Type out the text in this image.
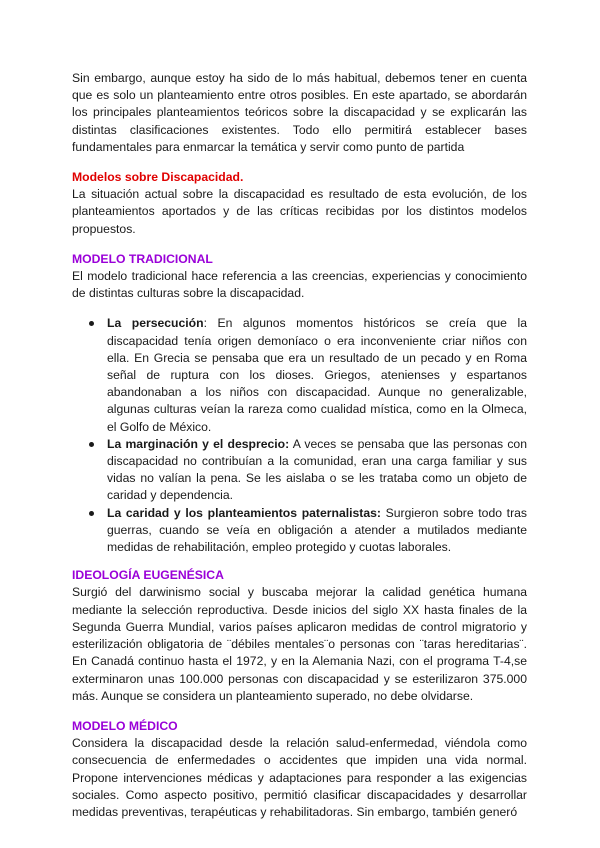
Sin embargo, aunque estoy ha sido de lo más habitual, debemos tener en cuenta que es solo un planteamiento entre otros posibles. En este apartado, se abordarán los principales planteamientos teóricos sobre la discapacidad y se explicarán las distintas clasificaciones existentes. Todo ello permitirá establecer bases fundamentales para enmarcar la temática y servir como punto de partida

Modelos sobre Discapacidad.

La situación actual sobre la discapacidad es resultado de esta evolución, de los planteamientos aportados y de las críticas recibidas por los distintos modelos propuestos.

MODELO TRADICIONAL

El modelo tradicional hace referencia a las creencias, experiencias y conocimiento de distintas culturas sobre la discapacidad.

La persecución: En algunos momentos históricos se creía que la discapacidad tenía origen demoníaco o era inconveniente criar niños con ella. En Grecia se pensaba que era un resultado de un pecado y en Roma señal de ruptura con los dioses. Griegos, atenienses y espartanos abandonaban a los niños con discapacidad. Aunque no generalizable, algunas culturas veían la rareza como cualidad mística, como en la Olmeca, el Golfo de México.
La marginación y el desprecio: A veces se pensaba que las personas con discapacidad no contribuían a la comunidad, eran una carga familiar y sus vidas no valían la pena. Se les aislaba o se les trataba como un objeto de caridad y dependencia.
La caridad y los planteamientos paternalistas: Surgieron sobre todo tras guerras, cuando se veía en obligación a atender a mutilados mediante medidas de rehabilitación, empleo protegido y cuotas laborales.

IDEOLOGÍA EUGENÉSICA

Surgió del darwinismo social y buscaba mejorar la calidad genética humana mediante la selección reproductiva. Desde inicios del siglo XX hasta finales de la Segunda Guerra Mundial, varios países aplicaron medidas de control migratorio y esterilización obligatoria de ¨débiles mentales¨o personas con ¨taras hereditarias¨. En Canadá continuo hasta el 1972, y en la Alemania Nazi, con el programa T-4,se exterminaron unas 100.000 personas con discapacidad y se esterilizaron 375.000 más. Aunque se considera un planteamiento superado, no debe olvidarse.

MODELO MÉDICO

Considera la discapacidad desde la relación salud-enfermedad, viéndola como consecuencia de enfermedades o accidentes que impiden una vida normal. Propone intervenciones médicas y adaptaciones para responder a las exigencias sociales. Como aspecto positivo, permitió clasificar discapacidades y desarrollar medidas preventivas, terapéuticas y rehabilitadoras. Sin embargo, también generó
